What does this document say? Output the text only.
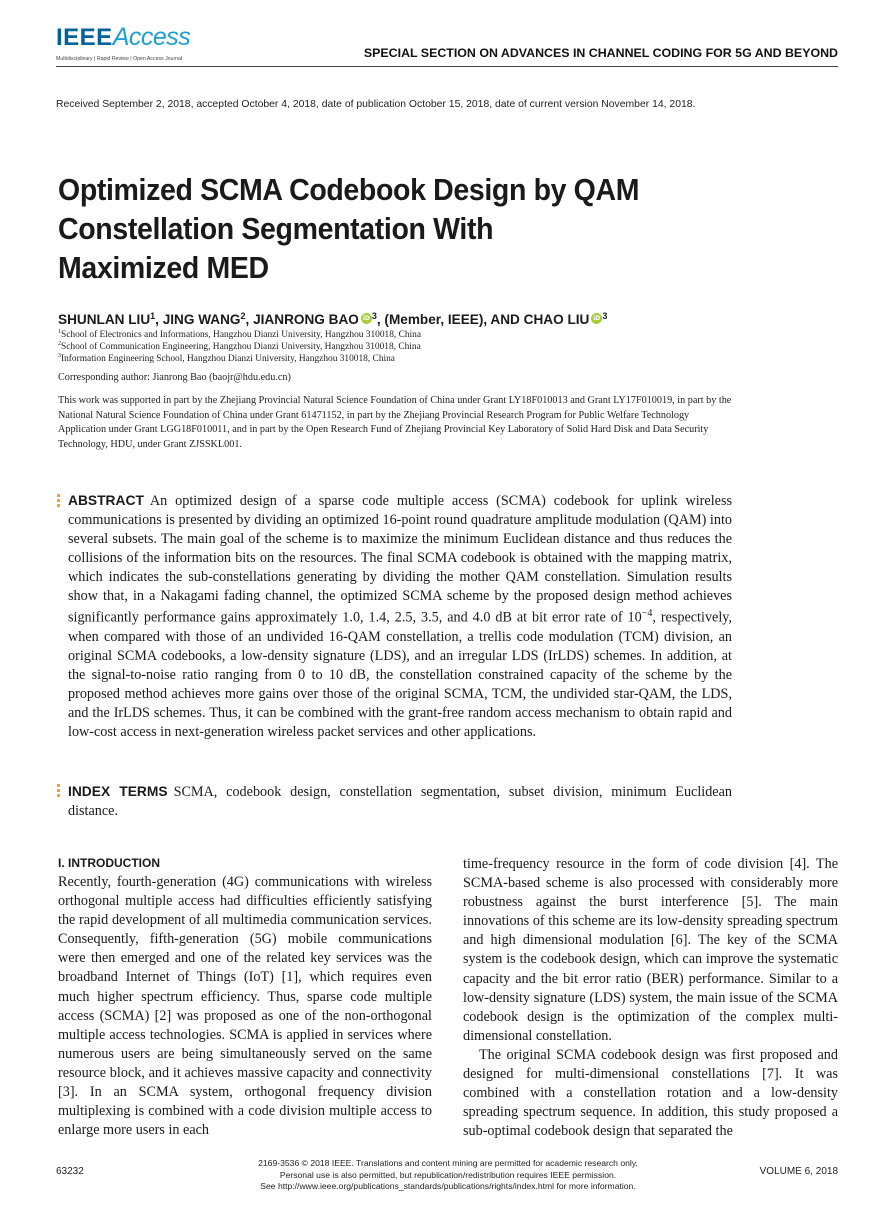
IEEEAccess
Multidisciplinary | Rapid Review | Open Access Journal	SPECIAL SECTION ON ADVANCES IN CHANNEL CODING FOR 5G AND BEYOND
Received September 2, 2018, accepted October 4, 2018, date of publication October 15, 2018, date of current version November 14, 2018.
Optimized SCMA Codebook Design by QAM
Constellation Segmentation With
Maximized MED
SHUNLAN LIU$^1$, JING WANG$^2$, JIANRONG BAO iD $^3$, (Member, IEEE), AND CHAO LIU iD $^3$
$^1$School of Electronics and Informations, Hangzhou Dianzi University, Hangzhou 310018, China
$^2$School of Communication Engineering, Hangzhou Dianzi University, Hangzhou 310018, China
$^3$Information Engineering School, Hangzhou Dianzi University, Hangzhou 310018, China
Corresponding author: Jianrong Bao (baojr@hdu.edu.cn)
This work was supported in part by the Zhejiang Provincial Natural Science Foundation of China under Grant LY18F010013 and Grant LY17F010019, in part by the National Natural Science Foundation of China under Grant 61471152, in part by the Zhejiang Provincial Research Program for Public Welfare Technology Application under Grant LGG18F010011, and in part by the Open Research Fund of Zhejiang Provincial Key Laboratory of Solid Hard Disk and Data Security Technology, HDU, under Grant ZJSSKL001.
ABSTRACT An optimized design of a sparse code multiple access (SCMA) codebook for uplink wireless communications is presented by dividing an optimized 16-point round quadrature amplitude modulation (QAM) into several subsets. The main goal of the scheme is to maximize the minimum Euclidean distance and thus reduces the collisions of the information bits on the resources. The final SCMA codebook is obtained with the mapping matrix, which indicates the sub-constellations generating by dividing the mother QAM constellation. Simulation results show that, in a Nakagami fading channel, the optimized SCMA scheme by the proposed design method achieves significantly performance gains approximately 1.0, 1.4, 2.5, 3.5, and 4.0 dB at bit error rate of $10^{-4}$, respectively, when compared with those of an undivided 16-QAM constellation, a trellis code modulation (TCM) division, an original SCMA codebooks, a low-density signature (LDS), and an irregular LDS (IrLDS) schemes. In addition, at the signal-to-noise ratio ranging from 0 to 10 dB, the constellation constrained capacity of the scheme by the proposed method achieves more gains over those of the original SCMA, TCM, the undivided star-QAM, the LDS, and the IrLDS schemes. Thus, it can be combined with the grant-free random access mechanism to obtain rapid and low-cost access in next-generation wireless packet services and other applications.
INDEX TERMS SCMA, codebook design, constellation segmentation, subset division, minimum Euclidean distance.
I. INTRODUCTION
Recently, fourth-generation (4G) communications with wireless orthogonal multiple access had difficulties efficiently satisfying the rapid development of all multimedia communication services. Consequently, fifth-generation (5G) mobile communications were then emerged and one of the related key services was the broadband Internet of Things (IoT) [1], which requires even much higher spectrum efficiency. Thus, sparse code multiple access (SCMA) [2] was proposed as one of the non-orthogonal multiple access technologies. SCMA is applied in services where numerous users are being simultaneously served on the same resource block, and it achieves massive capacity and connectivity [3]. In an SCMA system, orthogonal frequency division multiplexing is combined with a code division multiple access to enlarge more users in each
time-frequency resource in the form of code division [4]. The SCMA-based scheme is also processed with considerably more robustness against the burst interference [5]. The main innovations of this scheme are its low-density spreading spectrum and high dimensional modulation [6]. The key of the SCMA system is the codebook design, which can improve the systematic capacity and the bit error ratio (BER) performance. Similar to a low-density signature (LDS) system, the main issue of the SCMA codebook design is the optimization of the complex multi-dimensional constellation.
The original SCMA codebook design was first proposed and designed for multi-dimensional constellations [7]. It was combined with a constellation rotation and a low-density spreading spectrum sequence. In addition, this study proposed a sub-optimal codebook design that separated the
63232
2169-3536 © 2018 IEEE. Translations and content mining are permitted for academic research only.
Personal use is also permitted, but republication/redistribution requires IEEE permission.
See http://www.ieee.org/publications_standards/publications/rights/index.html for more information.
VOLUME 6, 2018
